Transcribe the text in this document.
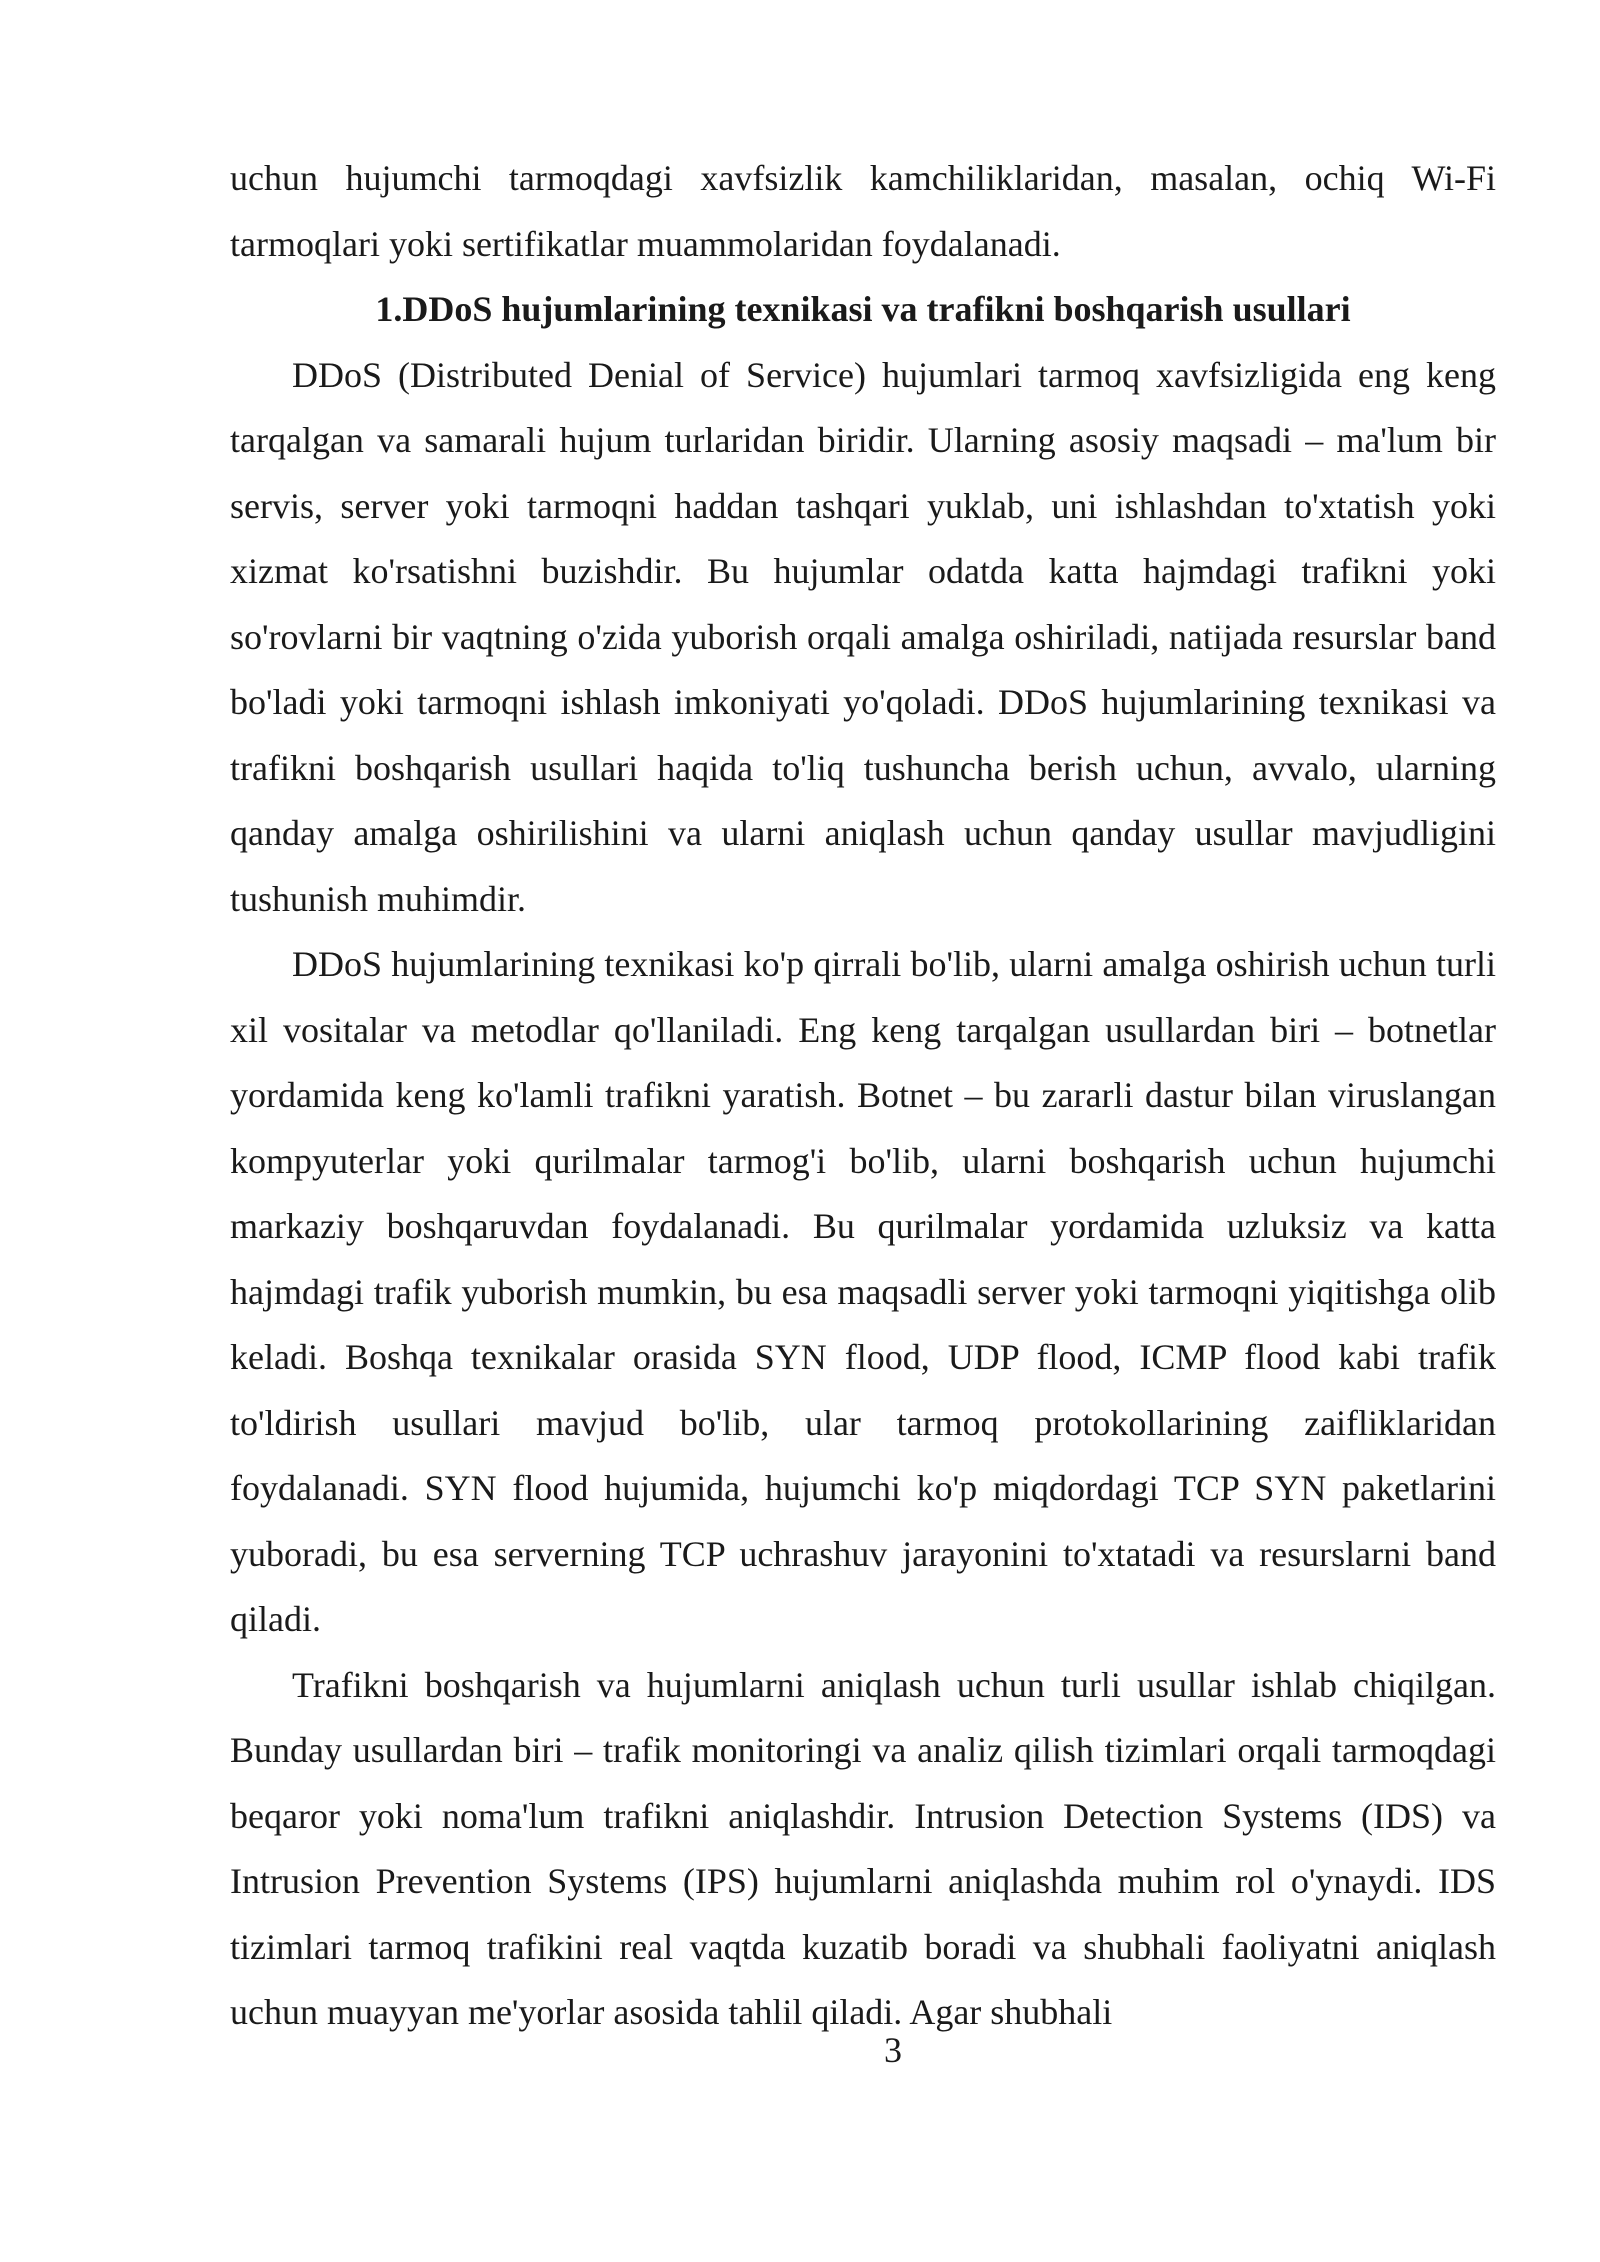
uchun hujumchi tarmoqdagi xavfsizlik kamchiliklaridan, masalan, ochiq Wi-Fi tarmoqlari yoki sertifikatlar muammolaridan foydalanadi.

1.DDoS hujumlarining texnikasi va trafikni boshqarish usullari

DDoS (Distributed Denial of Service) hujumlari tarmoq xavfsizligida eng keng tarqalgan va samarali hujum turlaridan biridir. Ularning asosiy maqsadi – ma'lum bir servis, server yoki tarmoqni haddan tashqari yuklab, uni ishlashdan to'xtatish yoki xizmat ko'rsatishni buzishdir. Bu hujumlar odatda katta hajmdagi trafikni yoki so'rovlarni bir vaqtning o'zida yuborish orqali amalga oshiriladi, natijada resurslar band bo'ladi yoki tarmoqni ishlash imkoniyati yo'qoladi. DDoS hujumlarining texnikasi va trafikni boshqarish usullari haqida to'liq tushuncha berish uchun, avvalo, ularning qanday amalga oshirilishini va ularni aniqlash uchun qanday usullar mavjudligini tushunish muhimdir.

DDoS hujumlarining texnikasi ko'p qirrali bo'lib, ularni amalga oshirish uchun turli xil vositalar va metodlar qo'llaniladi. Eng keng tarqalgan usullardan biri – botnetlar yordamida keng ko'lamli trafikni yaratish. Botnet – bu zararli dastur bilan viruslangan kompyuterlar yoki qurilmalar tarmog'i bo'lib, ularni boshqarish uchun hujumchi markaziy boshqaruvdan foydalanadi. Bu qurilmalar yordamida uzluksiz va katta hajmdagi trafik yuborish mumkin, bu esa maqsadli server yoki tarmoqni yiqitishga olib keladi. Boshqa texnikalar orasida SYN flood, UDP flood, ICMP flood kabi trafik to'ldirish usullari mavjud bo'lib, ular tarmoq protokollarining zaifliklaridan foydalanadi. SYN flood hujumida, hujumchi ko'p miqdordagi TCP SYN paketlarini yuboradi, bu esa serverning TCP uchrashuv jarayonini to'xtatadi va resurslarni band qiladi.

Trafikni boshqarish va hujumlarni aniqlash uchun turli usullar ishlab chiqilgan. Bunday usullardan biri – trafik monitoringi va analiz qilish tizimlari orqali tarmoqdagi beqaror yoki noma'lum trafikni aniqlashdir. Intrusion Detection Systems (IDS) va Intrusion Prevention Systems (IPS) hujumlarni aniqlashda muhim rol o'ynaydi. IDS tizimlari tarmoq trafikini real vaqtda kuzatib boradi va shubhali faoliyatni aniqlash uchun muayyan me'yorlar asosida tahlil qiladi. Agar shubhali

3
